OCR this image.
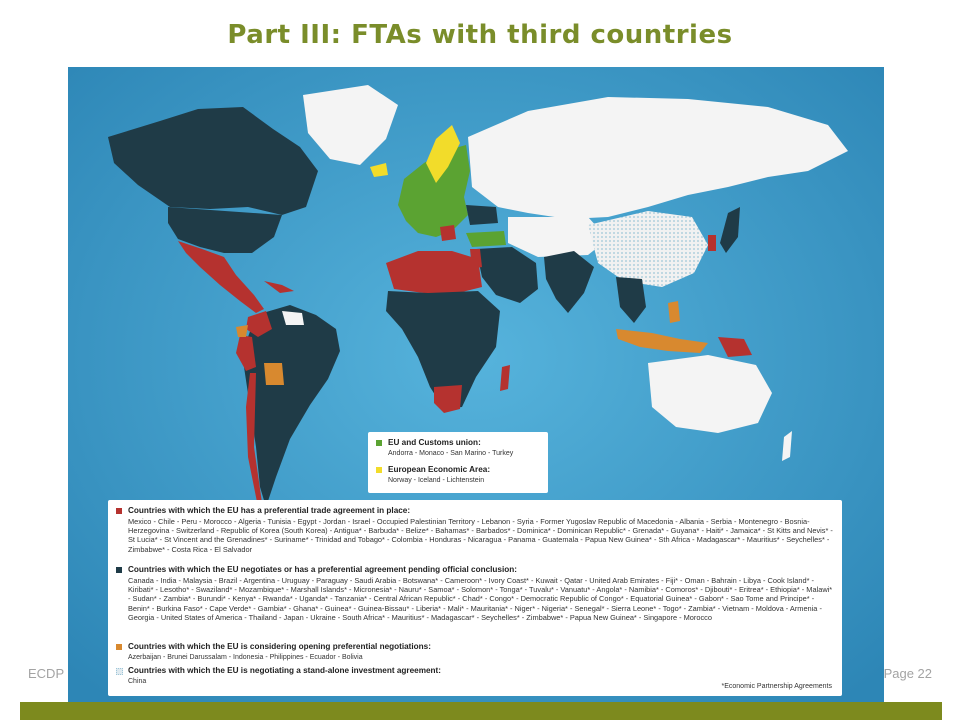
Part III: FTAs with third countries
EU and Customs union:
Andorra - Monaco - San Marino - Turkey
European Economic Area:
Norway - Iceland - Lichtenstein
Countries with which the EU has a preferential trade agreement in place:
Mexico - Chile - Peru - Morocco - Algeria - Tunisia - Egypt - Jordan - Israel - Occupied Palestinian Territory - Lebanon - Syria - Former Yugoslav Republic of Macedonia - Albania - Serbia - Montenegro - Bosnia-Herzegovina - Switzerland - Republic of Korea (South Korea) - Antigua* - Barbuda* - Belize* - Bahamas* - Barbados* - Dominica* - Dominican Republic* - Grenada* - Guyana* - Haiti* - Jamaica* - St Kitts and Nevis* - St Lucia* - St Vincent and the Grenadines* - Suriname* - Trinidad and Tobago* - Colombia - Honduras - Nicaragua - Panama - Guatemala - Papua New Guinea* - Sth Africa - Madagascar* - Mauritius* - Seychelles* - Zimbabwe* - Costa Rica - El Salvador
Countries with which the EU negotiates or has a preferential agreement pending official conclusion:
Canada - India - Malaysia - Brazil - Argentina - Uruguay - Paraguay - Saudi Arabia - Botswana* - Cameroon* - Ivory Coast* - Kuwait - Qatar - United Arab Emirates - Fiji* - Oman - Bahrain - Libya - Cook Island* - Kiribati* - Lesotho* - Swaziland* - Mozambique* - Marshall Islands* - Micronesia* - Nauru* - Samoa* - Solomon* - Tonga* - Tuvalu* - Vanuatu* - Angola* - Namibia* - Comoros* - Djibouti* - Eritrea* - Ethiopia* - Malawi* - Sudan* - Zambia* - Burundi* - Kenya* - Rwanda* - Uganda* - Tanzania* - Central African Republic* - Chad* - Congo* - Democratic Republic of Congo* - Equatorial Guinea* - Gabon* - Sao Tome and Principe* - Benin* - Burkina Faso* - Cape Verde* - Gambia* - Ghana* - Guinea* - Guinea-Bissau* - Liberia* - Mali* - Mauritania* - Niger* - Nigeria* - Senegal* - Sierra Leone* - Togo* - Zambia* - Vietnam - Moldova - Armenia - Georgia - United States of America - Thailand - Japan - Ukraine - South Africa* - Mauritius* - Madagascar* - Seychelles* - Zimbabwe* - Papua New Guinea* - Singapore - Morocco
Countries with which the EU is considering opening preferential negotiations:
Azerbaijan - Brunei Darussalam - Indonesia - Philippines - Ecuador - Bolivia
Countries with which the EU is negotiating a stand-alone investment agreement:
China
*Economic Partnership Agreements
ECDP	Page 22
